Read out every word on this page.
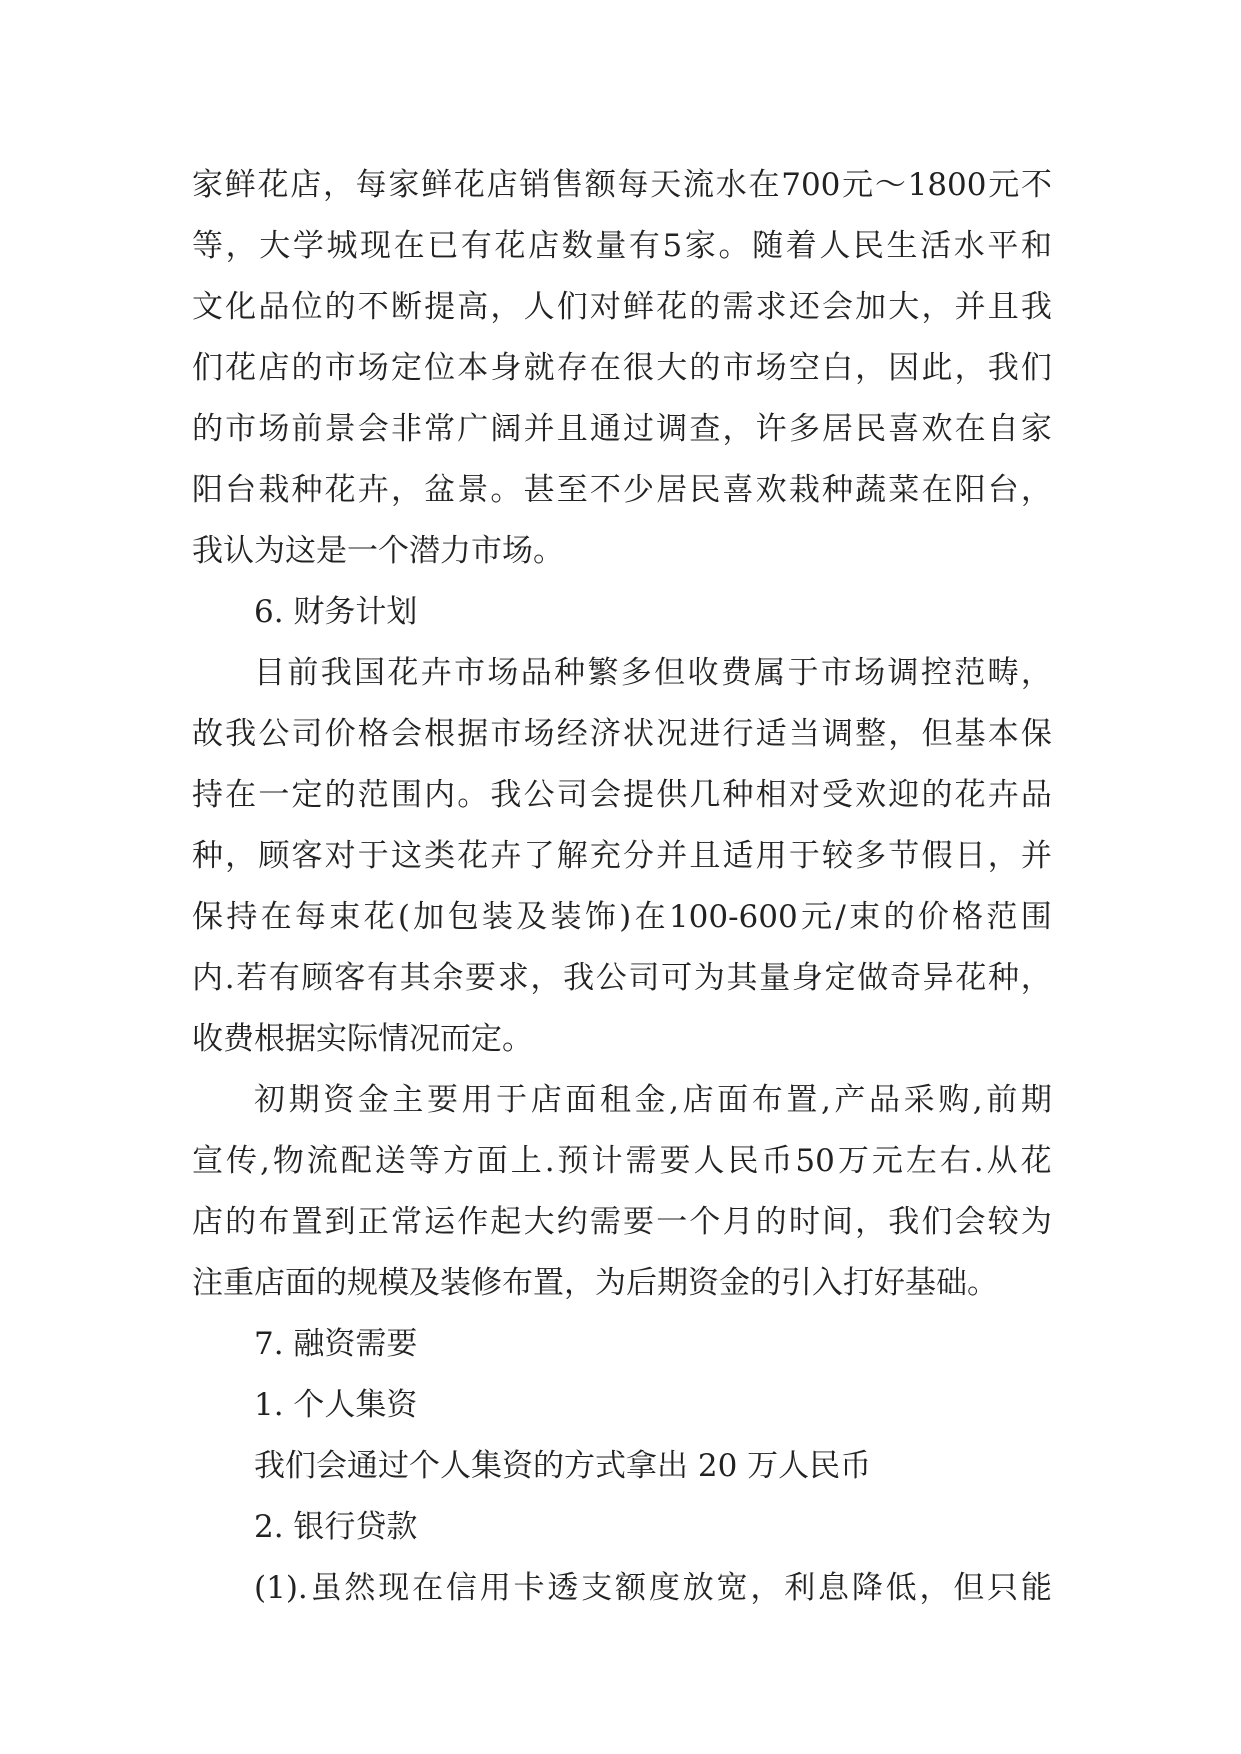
家 鲜 花 店 ， 每 家 鲜 花 店 销 售 额 每 天 流 水 在 700 元 ～ 1800 元 不
等 ， 大 学 城 现 在 已 有 花 店 数 量 有 5 家 。 随 着 人 民 生 活 水 平 和
文 化 品 位 的 不 断 提 高 ， 人 们 对 鲜 花 的 需 求 还 会 加 大 ， 并 且 我
们 花 店 的 市 场 定 位 本 身 就 存 在 很 大 的 市 场 空 白 ， 因 此 ， 我 们
的 市 场 前 景 会 非 常 广 阔 并 且 通 过 调 查 ， 许 多 居 民 喜 欢 在 自 家
阳 台 栽 种 花 卉 ， 盆 景 。 甚 至 不 少 居 民 喜 欢 栽 种 蔬 菜 在 阳 台 ，
我认为这是一个潜力市场。
6. 财务计划
目 前 我 国 花 卉 市 场 品 种 繁 多 但 收 费 属 于 市 场 调 控 范 畴 ，
故 我 公 司 价 格 会 根 据 市 场 经 济 状 况 进 行 适 当 调 整 ， 但 基 本 保
持 在 一 定 的 范 围 内 。 我 公 司 会 提 供 几 种 相 对 受 欢 迎 的 花 卉 品
种 ， 顾 客 对 于 这 类 花 卉 了 解 充 分 并 且 适 用 于 较 多 节 假 日 ， 并
保 持 在 每 束 花 ( 加 包 装 及 装 饰 ) 在 100-600 元 / 束 的 价 格 范 围
内 . 若 有 顾 客 有 其 余 要 求 ， 我 公 司 可 为 其 量 身 定 做 奇 异 花 种 ，
收费根据实际情况而定。
初 期 资 金 主 要 用 于 店 面 租 金 , 店 面 布 置 , 产 品 采 购 , 前 期
宣 传 , 物 流 配 送 等 方 面 上 . 预 计 需 要 人 民 币 50 万 元 左 右 . 从 花
店 的 布 置 到 正 常 运 作 起 大 约 需 要 一 个 月 的 时 间 ， 我 们 会 较 为
注重店面的规模及装修布置，为后期资金的引入打好基础。
7. 融资需要
1. 个人集资
我们会通过个人集资的方式拿出 20 万人民币
2. 银行贷款
(1). 虽 然 现 在 信 用 卡 透 支 额 度 放 宽 ， 利 息 降 低 ， 但 只 能
